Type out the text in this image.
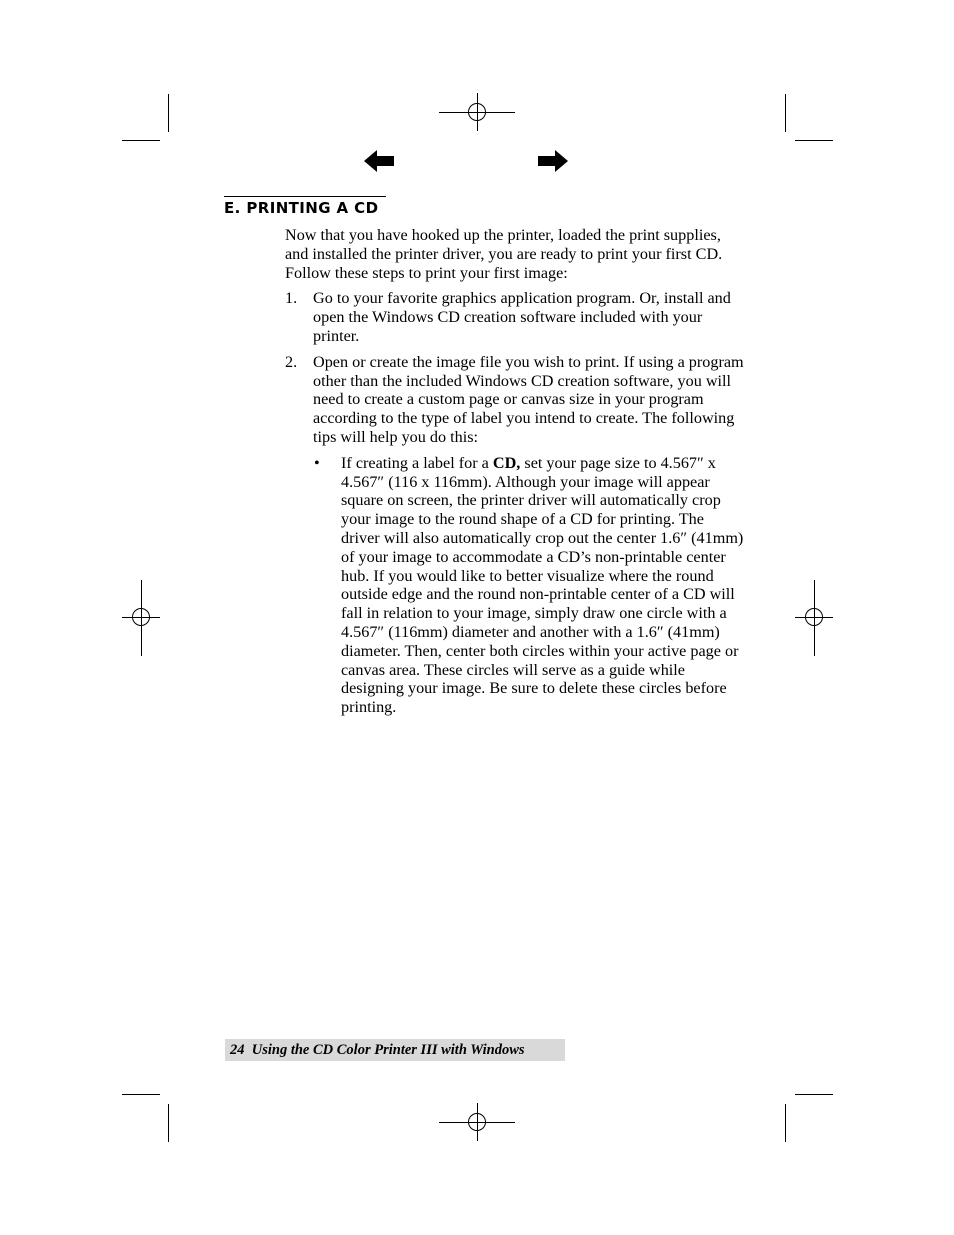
E. PRINTING A CD

Now that you have hooked up the printer, loaded the print supplies, and installed the printer driver, you are ready to print your first CD. Follow these steps to print your first image:

1. Go to your favorite graphics application program. Or, install and open the Windows CD creation software included with your printer.
2. Open or create the image file you wish to print. If using a program other than the included Windows CD creation software, you will need to create a custom page or canvas size in your program according to the type of label you intend to create. The following tips will help you do this:
• If creating a label for a CD, set your page size to 4.567″ x 4.567″ (116 x 116mm). Although your image will appear square on screen, the printer driver will automatically crop your image to the round shape of a CD for printing. The driver will also automatically crop out the center 1.6″ (41mm) of your image to accommodate a CD’s non-printable center hub. If you would like to better visualize where the round outside edge and the round non-printable center of a CD will fall in relation to your image, simply draw one circle with a 4.567″ (116mm) diameter and another with a 1.6″ (41mm) diameter. Then, center both circles within your active page or canvas area. These circles will serve as a guide while designing your image. Be sure to delete these circles before printing.
24 Using the CD Color Printer III with Windows
